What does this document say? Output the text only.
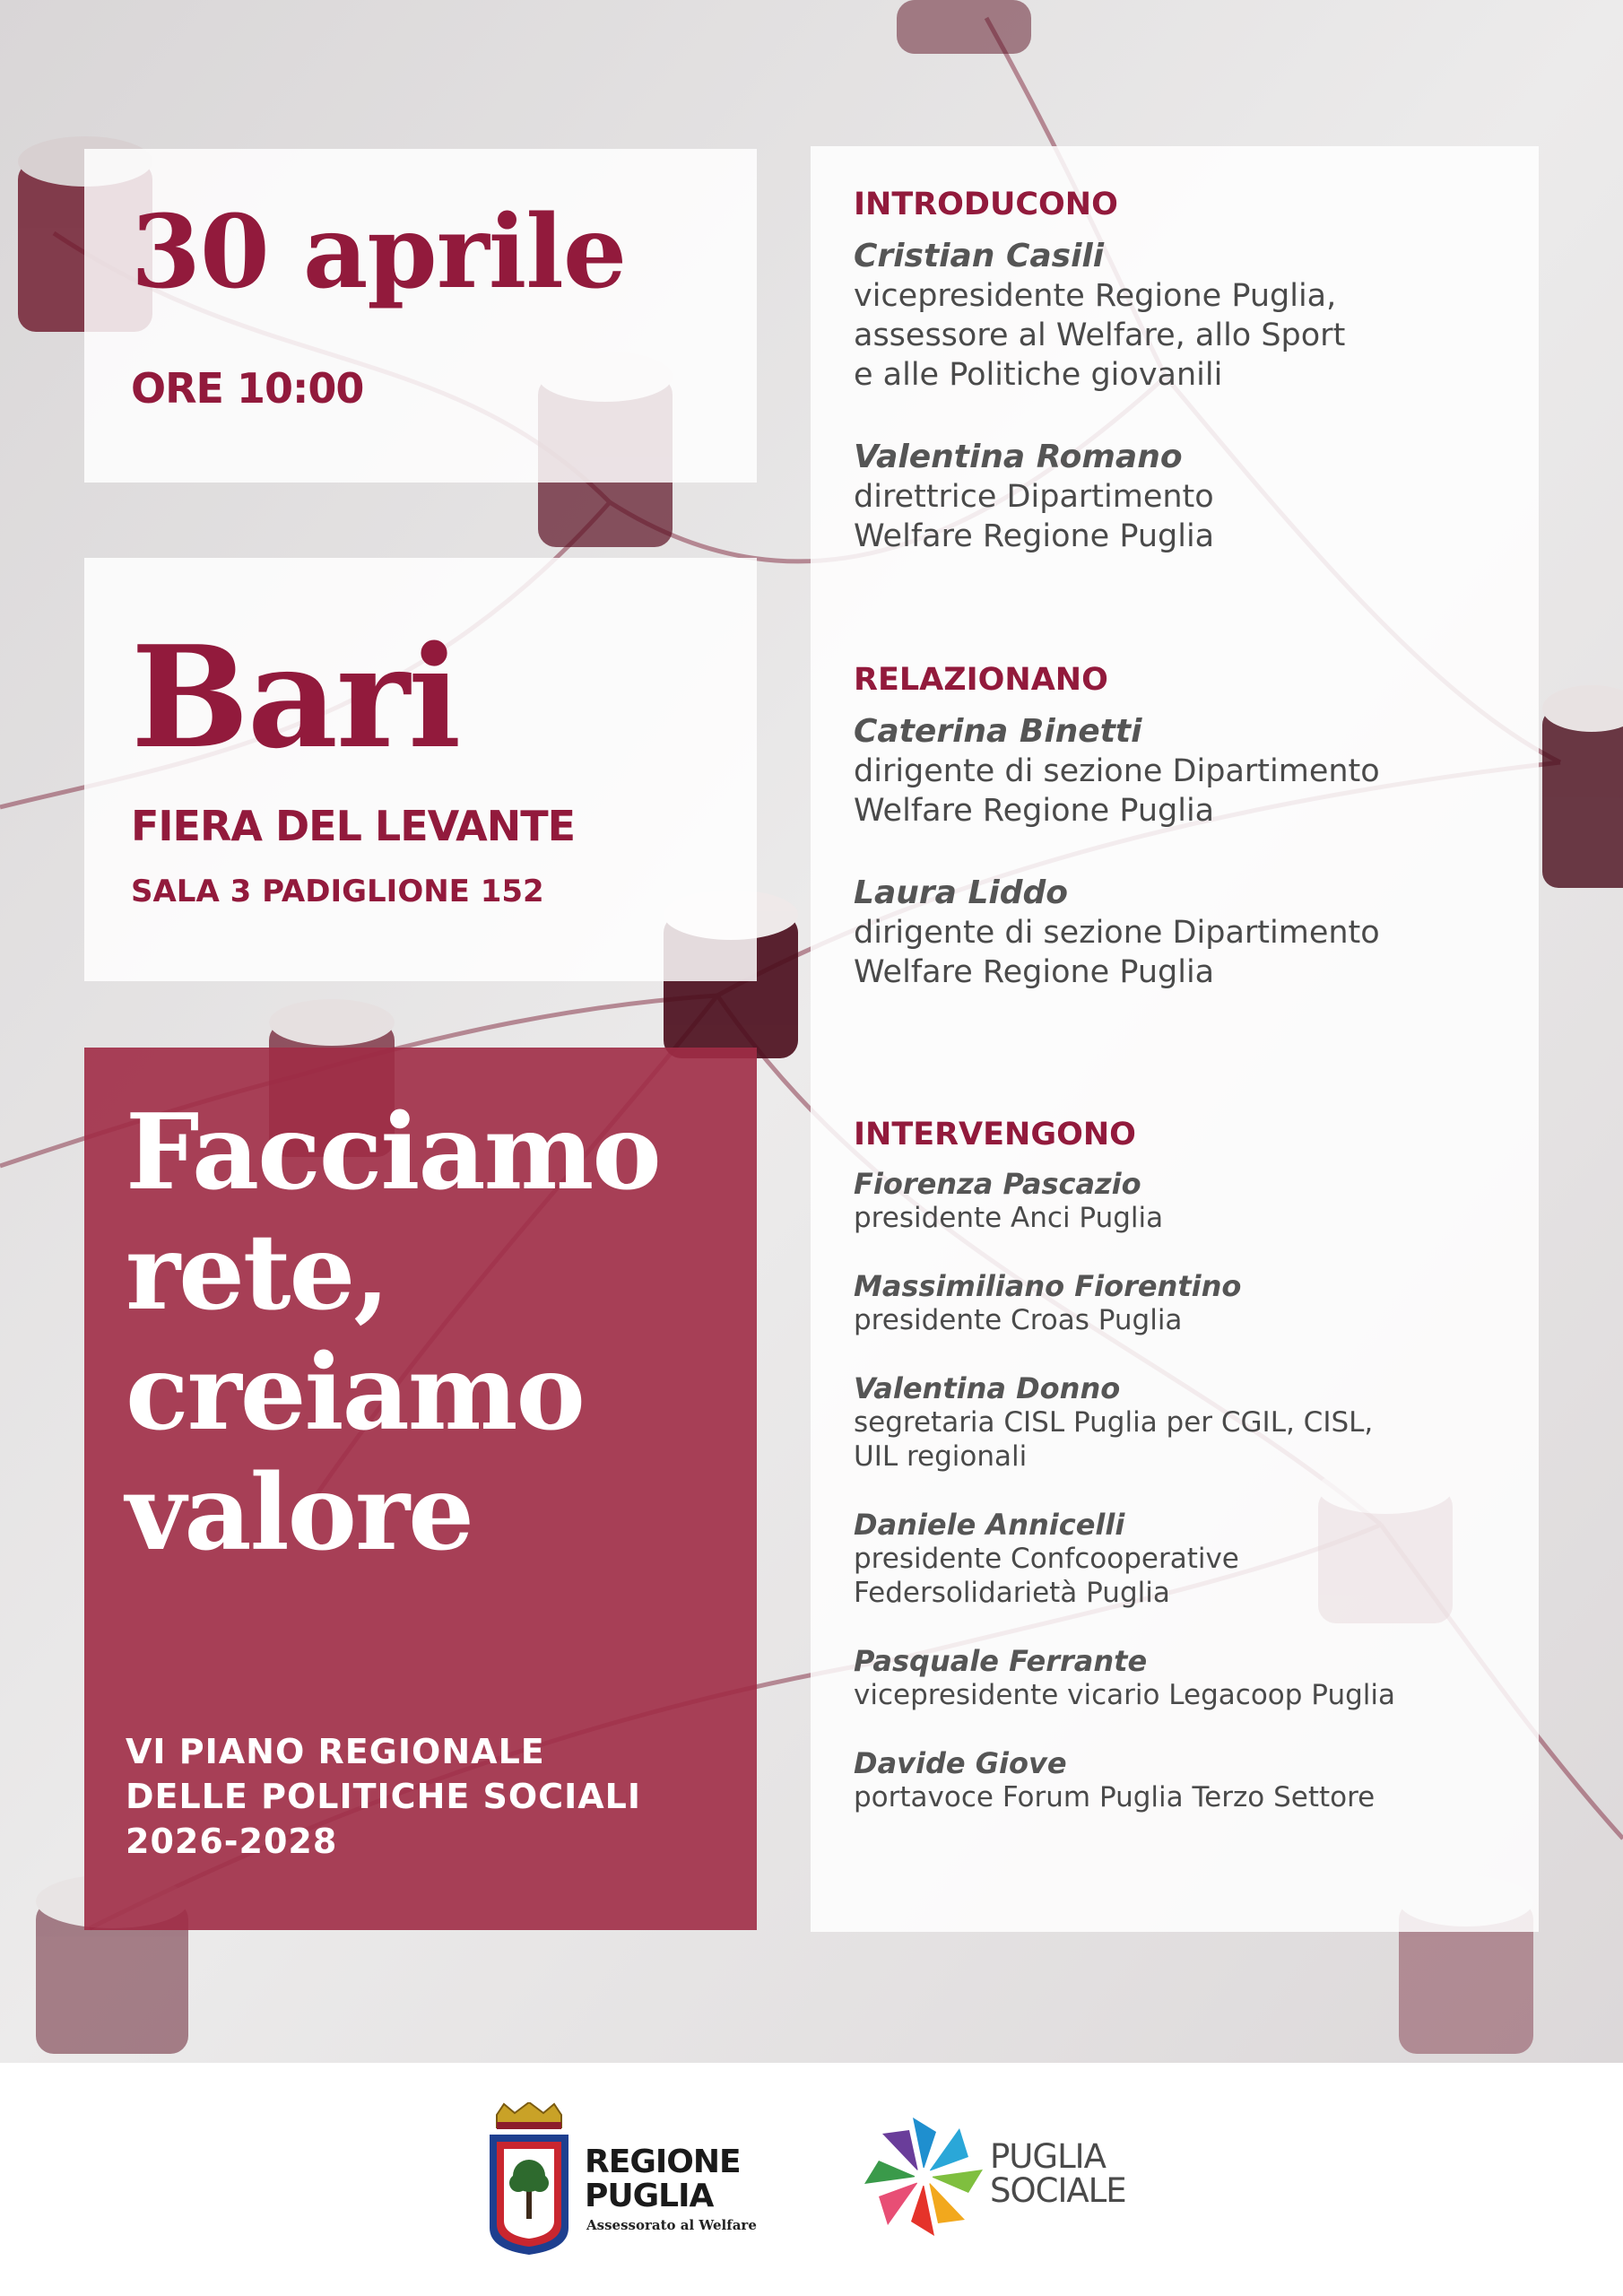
30 aprile
ORE 10:00
Bari
FIERA DEL LEVANTE
SALA 3 PADIGLIONE 152
Facciamo
rete,
creiamo
valore
VI PIANO REGIONALE
DELLE POLITICHE SOCIALI
2026-2028
INTRODUCONO
Cristian Casili
vicepresidente Regione Puglia,
assessore al Welfare, allo Sport
e alle Politiche giovanili
Valentina Romano
direttrice Dipartimento
Welfare Regione Puglia
RELAZIONANO
Caterina Binetti
dirigente di sezione Dipartimento
Welfare Regione Puglia
Laura Liddo
dirigente di sezione Dipartimento
Welfare Regione Puglia
INTERVENGONO
Fiorenza Pascazio
presidente Anci Puglia
Massimiliano Fiorentino
presidente Croas Puglia
Valentina Donno
segretaria CISL Puglia per CGIL, CISL,
UIL regionali
Daniele Annicelli
presidente Confcooperative
Federsolidarietà Puglia
Pasquale Ferrante
vicepresidente vicario Legacoop Puglia
Davide Giove
portavoce Forum Puglia Terzo Settore
REGIONE
PUGLIA
Assessorato al Welfare
PUGLIA
SOCIALE
